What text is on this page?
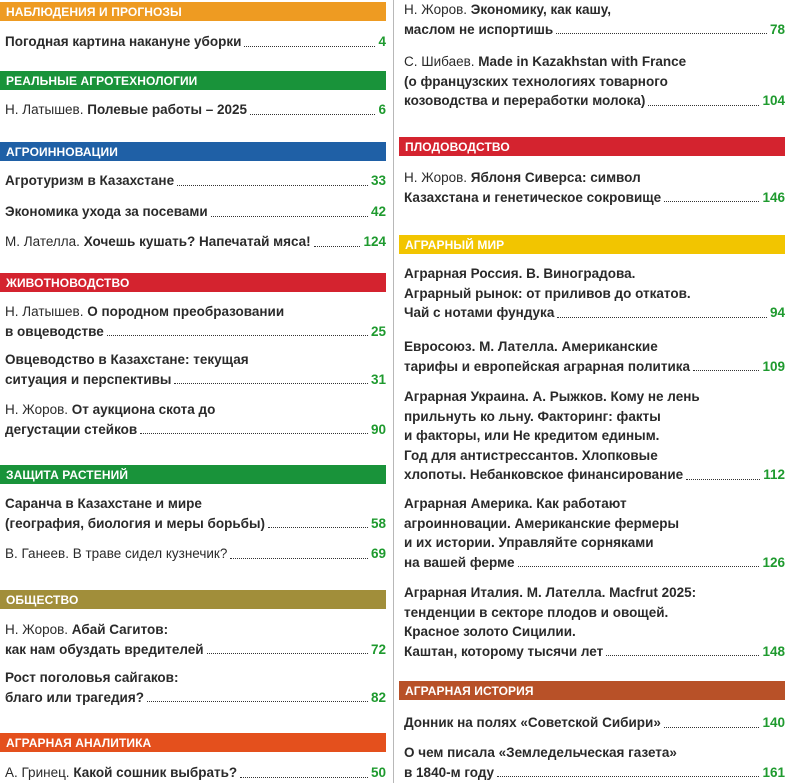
НАБЛЮДЕНИЯ И ПРОГНОЗЫ
Погодная картина накануне уборки	4
РЕАЛЬНЫЕ АГРОТЕХНОЛОГИИ
Н. Латышев. Полевые работы – 2025	6
АГРОИННОВАЦИИ
Агротуризм в Казахстане	33
Экономика ухода за посевами	42
М. Лателла. Хочешь кушать? Напечатай мяса!	124
ЖИВОТНОВОДСТВО
Н. Латышев. О породном преобразовании
в овцеводстве	25
Овцеводство в Казахстане: текущая
ситуация и перспективы	31
Н. Жоров. От аукциона скота до
дегустации стейков	90
ЗАЩИТА РАСТЕНИЙ
Саранча в Казахстане и мире
(география, биология и меры борьбы)	58
В. Ганеев. В траве сидел кузнечик?	69
ОБЩЕСТВО
Н. Жоров. Абай Сагитов:
как нам обуздать вредителей	72
Рост поголовья сайгаков:
благо или трагедия?	82
АГРАРНАЯ АНАЛИТИКА
А. Гринец. Какой сошник выбрать?	50
Н. Жоров. Экономику, как кашу,
маслом не испортишь	78
С. Шибаев. Made in Kazakhstan with France
(о французских технологиях товарного
козоводства и переработки молока)	104
ПЛОДОВОДСТВО
Н. Жоров. Яблоня Сиверса: символ
Казахстана и генетическое сокровище	146
АГРАРНЫЙ МИР
Аграрная Россия. В. Виноградова.
Аграрный рынок: от приливов до откатов.
Чай с нотами фундука	94
Евросоюз. М. Лателла. Американские
тарифы и европейская аграрная политика	109
Аграрная Украина. А. Рыжков. Кому не лень
прильнуть ко льну. Факторинг: факты
и факторы, или Не кредитом единым.
Год для антистрессантов. Хлопковые
хлопоты. Небанковское финансирование	112
Аграрная Америка. Как работают
агроинновации. Американские фермеры
и их истории. Управляйте сорняками
на вашей ферме	126
Аграрная Италия. М. Лателла. Macfrut 2025:
тенденции в секторе плодов и овощей.
Красное золото Сицилии.
Каштан, которому тысячи лет	148
АГРАРНАЯ ИСТОРИЯ
Донник на полях «Советской Сибири»	140
О чем писала «Земледельческая газета»
в 1840-м году	161
